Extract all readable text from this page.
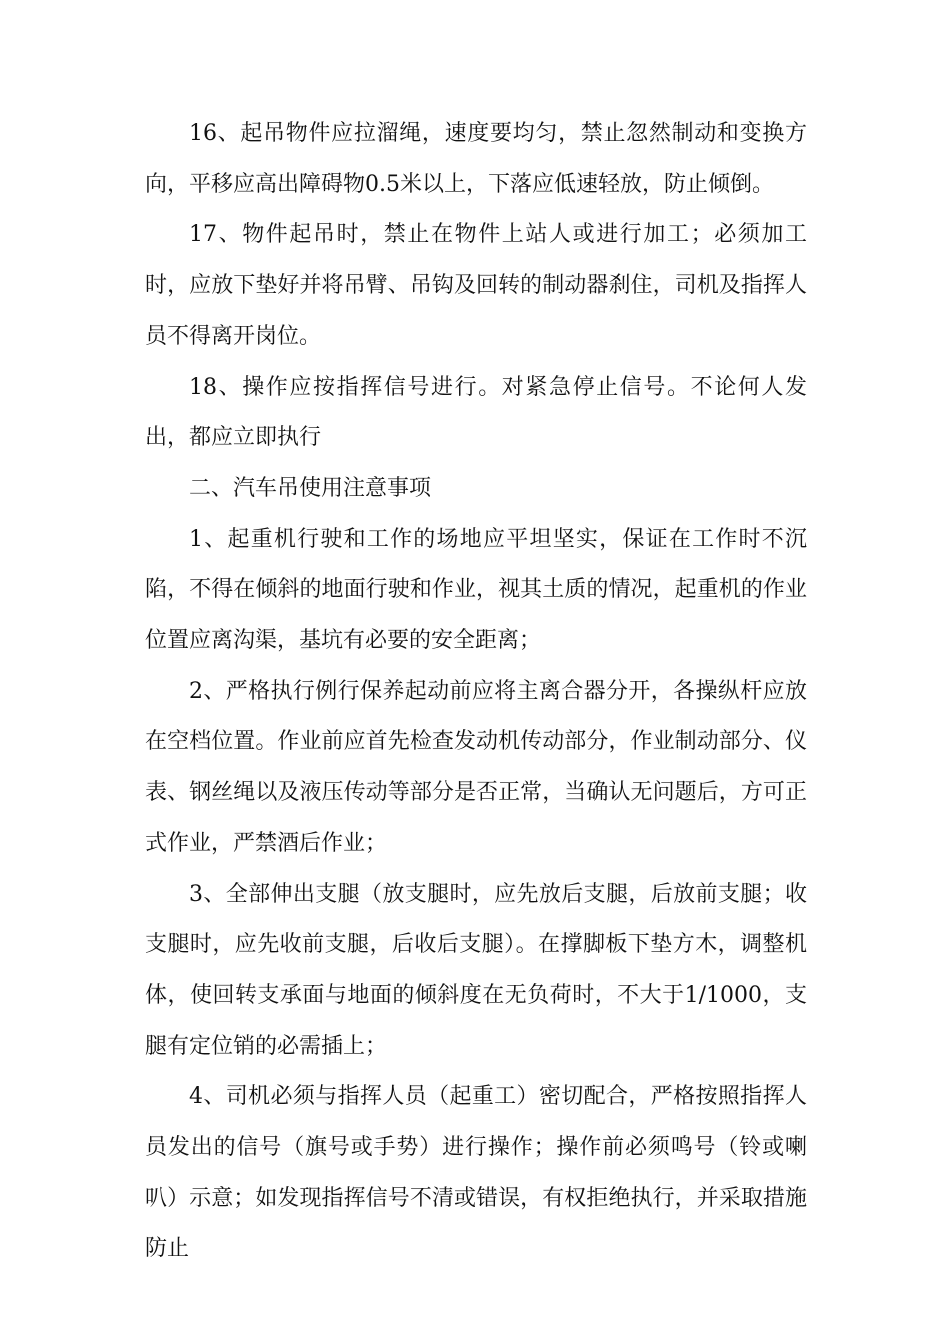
16、起吊物件应拉溜绳，速度要均匀，禁止忽然制动和变换方向，平移应高出障碍物0.5米以上，下落应低速轻放，防止倾倒。

17、物件起吊时，禁止在物件上站人或进行加工；必须加工时，应放下垫好并将吊臂、吊钩及回转的制动器刹住，司机及指挥人员不得离开岗位。

18、操作应按指挥信号进行。对紧急停止信号。不论何人发出，都应立即执行

二、汽车吊使用注意事项

1、起重机行驶和工作的场地应平坦坚实，保证在工作时不沉陷，不得在倾斜的地面行驶和作业，视其土质的情况，起重机的作业位置应离沟渠，基坑有必要的安全距离；

2、严格执行例行保养起动前应将主离合器分开，各操纵杆应放在空档位置。作业前应首先检查发动机传动部分，作业制动部分、仪表、钢丝绳以及液压传动等部分是否正常，当确认无问题后，方可正式作业，严禁酒后作业；

3、全部伸出支腿（放支腿时，应先放后支腿，后放前支腿；收支腿时，应先收前支腿，后收后支腿）。在撑脚板下垫方木，调整机体，使回转支承面与地面的倾斜度在无负荷时，不大于1/1000，支腿有定位销的必需插上；

4、司机必须与指挥人员（起重工）密切配合，严格按照指挥人员发出的信号（旗号或手势）进行操作；操作前必须鸣号（铃或喇叭）示意；如发现指挥信号不清或错误，有权拒绝执行，并采取措施防止
